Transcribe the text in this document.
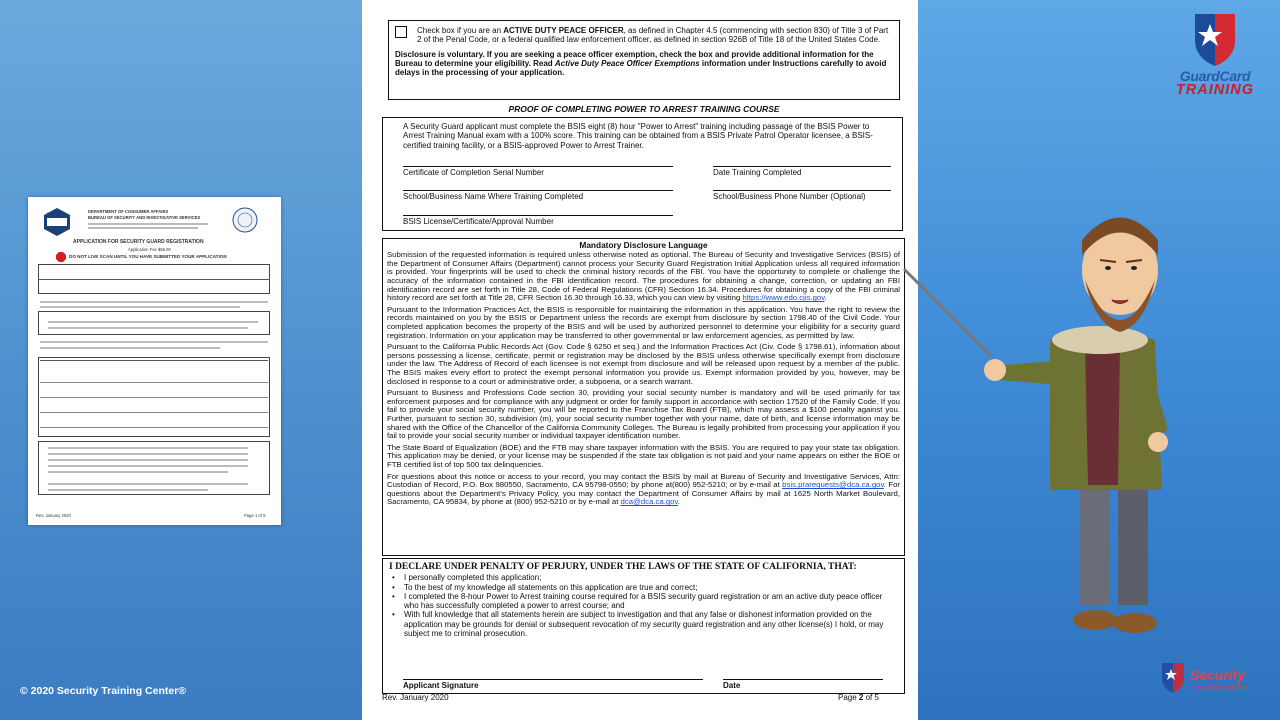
BSIS
DEPARTMENT OF CONSUMER AFFAIRS
BUREAU OF SECURITY AND INVESTIGATIVE SERVICES
APPLICATION FOR SECURITY GUARD REGISTRATION
Application Fee $55.00
DO NOT LIVE SCAN UNTIL YOU HAVE SUBMITTED YOUR APPLICATION
Rev. January 2020	Page 1 of 5
© 2020 Security Training Center®
Check box if you are an ACTIVE DUTY PEACE OFFICER, as defined in Chapter 4.5 (commencing with section 830) of Title 3 of Part 2 of the Penal Code, or a federal qualified law enforcement officer, as defined in section 926B of Title 18 of the United States Code.
Disclosure is voluntary. If you are seeking a peace officer exemption, check the box and provide additional information for the Bureau to determine your eligibility. Read Active Duty Peace Officer Exemptions information under Instructions carefully to avoid delays in the processing of your application.
PROOF OF COMPLETING POWER TO ARREST TRAINING COURSE
A Security Guard applicant must complete the BSIS eight (8) hour "Power to Arrest" training including passage of the BSIS Power to Arrest Training Manual exam with a 100% score. This training can be obtained from a BSIS Private Patrol Operator licensee, a BSIS-certified training facility, or a BSIS-approved Power to Arrest Trainer.
Certificate of Completion Serial Number	Date Training Completed
School/Business Name Where Training Completed	School/Business Phone Number (Optional)
BSIS License/Certificate/Approval Number
Mandatory Disclosure Language

Submission of the requested information is required unless otherwise noted as optional. The Bureau of Security and Investigative Services (BSIS) of the Department of Consumer Affairs (Department) cannot process your Security Guard Registration Initial Application unless all required information is provided. Your fingerprints will be used to check the criminal history records of the FBI. You have the opportunity to complete or challenge the accuracy of the information contained in the FBI identification record. The procedures for obtaining a change, correction, or updating an FBI identification record are set forth in Title 28, Code of Federal Regulations (CFR) Section 16.34. Procedures for obtaining a copy of the FBI criminal history record are set forth at Title 28, CFR Section 16.30 through 16.33, which you can view by visiting https://www.edo.cjis.gov.

Pursuant to the Information Practices Act, the BSIS is responsible for maintaining the information in this application. You have the right to review the records maintained on you by the BSIS or Department unless the records are exempt from disclosure by section 1798.40 of the Civil Code. Your completed application becomes the property of the BSIS and will be used by authorized personnel to determine your eligibility for a security guard registration. Information on your application may be transferred to other governmental or law enforcement agencies, as permitted by law.

Pursuant to the California Public Records Act (Gov. Code § 6250 et seq.) and the Information Practices Act (Civ. Code § 1798.61), information about persons possessing a license, certificate, permit or registration may be disclosed by the BSIS unless otherwise specifically exempt from disclosure under the law. The Address of Record of each licensee is not exempt from disclosure and will be released upon request by a member of the public. The BSIS makes every effort to protect the exempt personal information you provide us. Exempt information provided by you, however, may be disclosed in response to a court or administrative order, a subpoena, or a search warrant.

Pursuant to Business and Professions Code section 30, providing your social security number is mandatory and will be used primarily for tax enforcement purposes and for compliance with any judgment or order for family support in accordance with section 17520 of the Family Code. If you fail to provide your social security number, you will be reported to the Franchise Tax Board (FTB), which may assess a $100 penalty against you. Further, pursuant to section 30, subdivision (m), your social security number together with your name, date of birth, and license information may be shared with the Office of the Chancellor of the California Community Colleges. The Bureau is legally prohibited from processing your application if you fail to provide your social security number or individual taxpayer identification number.

The State Board of Equalization (BOE) and the FTB may share taxpayer information with the BSIS. You are required to pay your state tax obligation. This application may be denied, or your license may be suspended if the state tax obligation is not paid and your name appears on either the BOE or FTB certified list of top 500 tax delinquencies.

For questions about this notice or access to your record, you may contact the BSIS by mail at Bureau of Security and Investigative Services, Attn: Custodian of Record, P.O. Box 980550, Sacramento, CA 95798-0550; by phone at(800) 952-5210; or by e-mail at bsis.prarequests@dca.ca.gov. For questions about the Department's Privacy Policy, you may contact the Department of Consumer Affairs by mail at 1625 North Market Boulevard, Sacramento, CA 95834, by phone at (800) 952-5210 or by e-mail at dca@dca.ca.gov.

I DECLARE UNDER PENALTY OF PERJURY, UNDER THE LAWS OF THE STATE OF CALIFORNIA, THAT:
• I personally completed this application;
• To the best of my knowledge all statements on this application are true and correct;
• I completed the 8-hour Power to Arrest training course required for a BSIS security guard registration or am an active duty peace officer who has successfully completed a power to arrest course; and
• With full knowledge that all statements herein are subject to investigation and that any false or dishonest information provided on the application may be grounds for denial or subsequent revocation of my security guard registration and any other license(s) I hold, or may subject me to criminal prosecution.
Applicant Signature	Date
Rev. January 2020	Page 2 of 5
GuardCard
TRAINING
Security
TRAINING CENTER
